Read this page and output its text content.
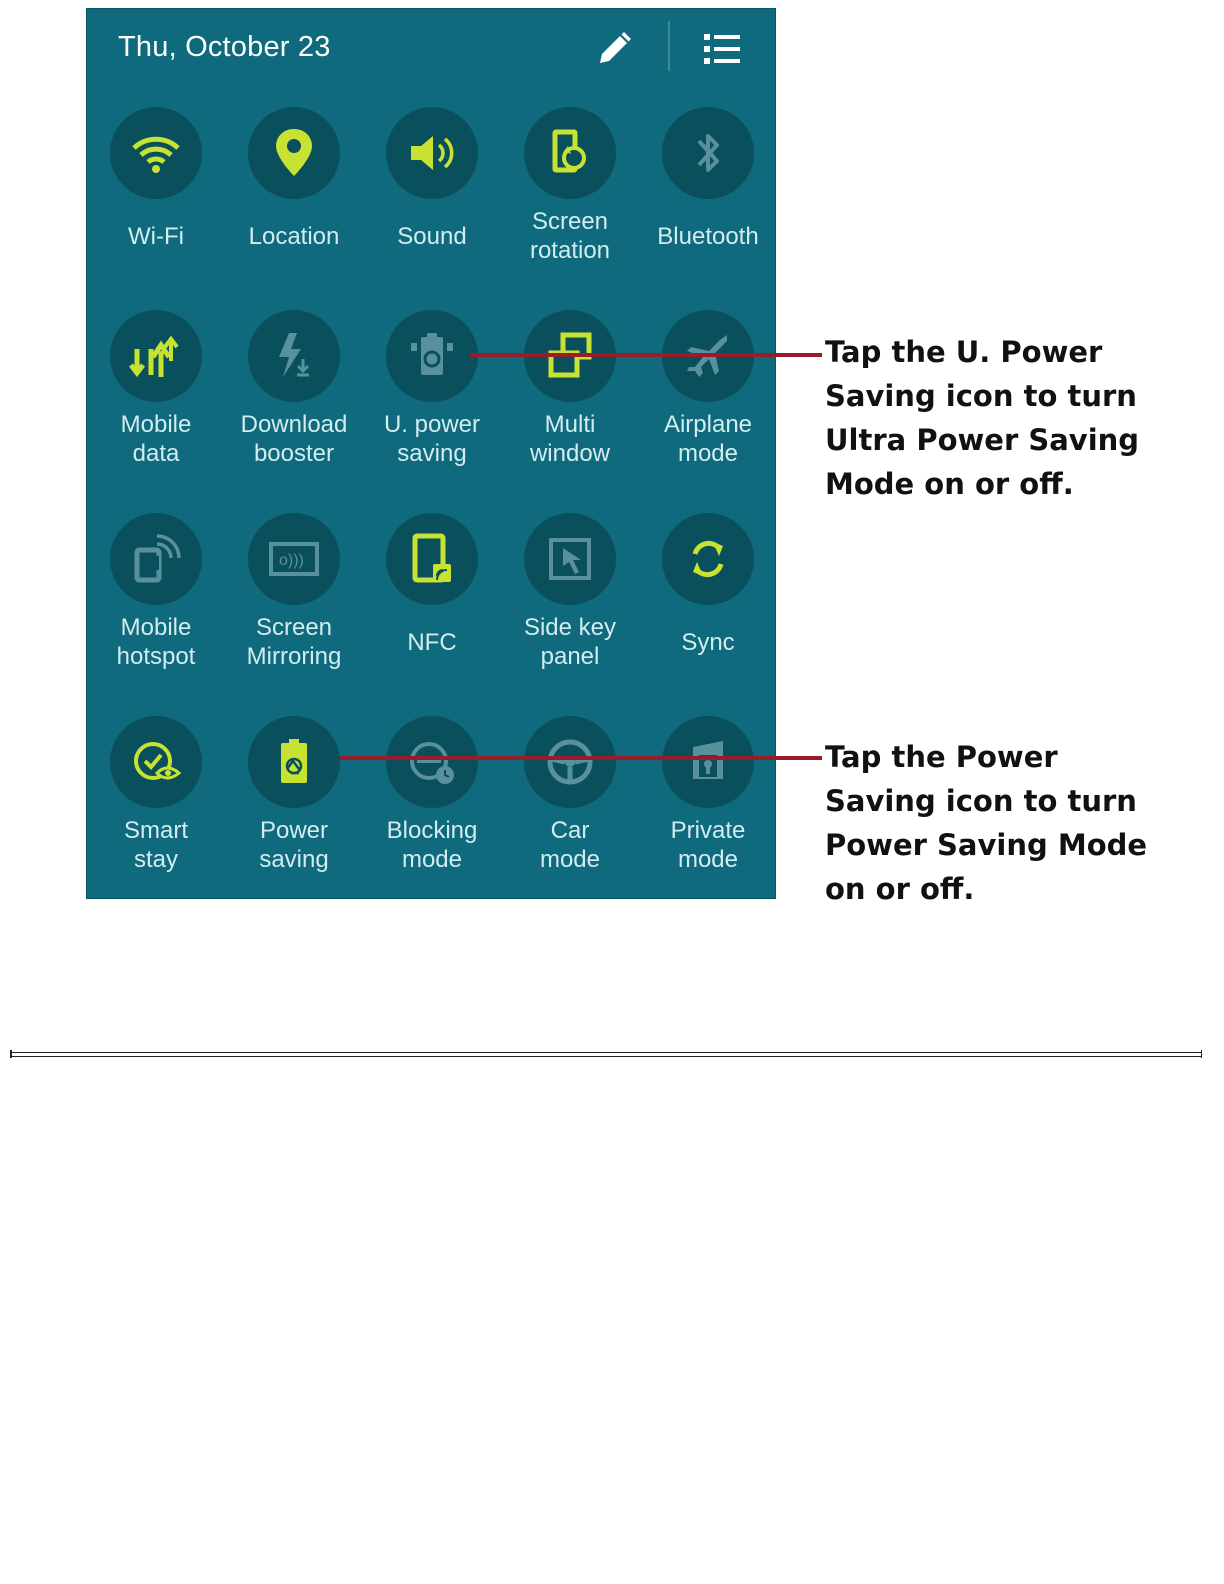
Thu, October 23
Wi-Fi	Location	Sound
Screen
rotation
Bluetooth
Mobile
data
Download
booster
U. power
saving
Multi
window
Airplane
mode
Mobile
hotspot
o)))
Screen
Mirroring
NFC
Side key
panel
Sync
Smart
stay
Power
saving
Blocking
mode
Car
mode
Private
mode
Tap the U. Power Saving icon to turn Ultra Power Saving Mode on or off.
Tap the Power Saving icon to turn Power Saving Mode on or off.
